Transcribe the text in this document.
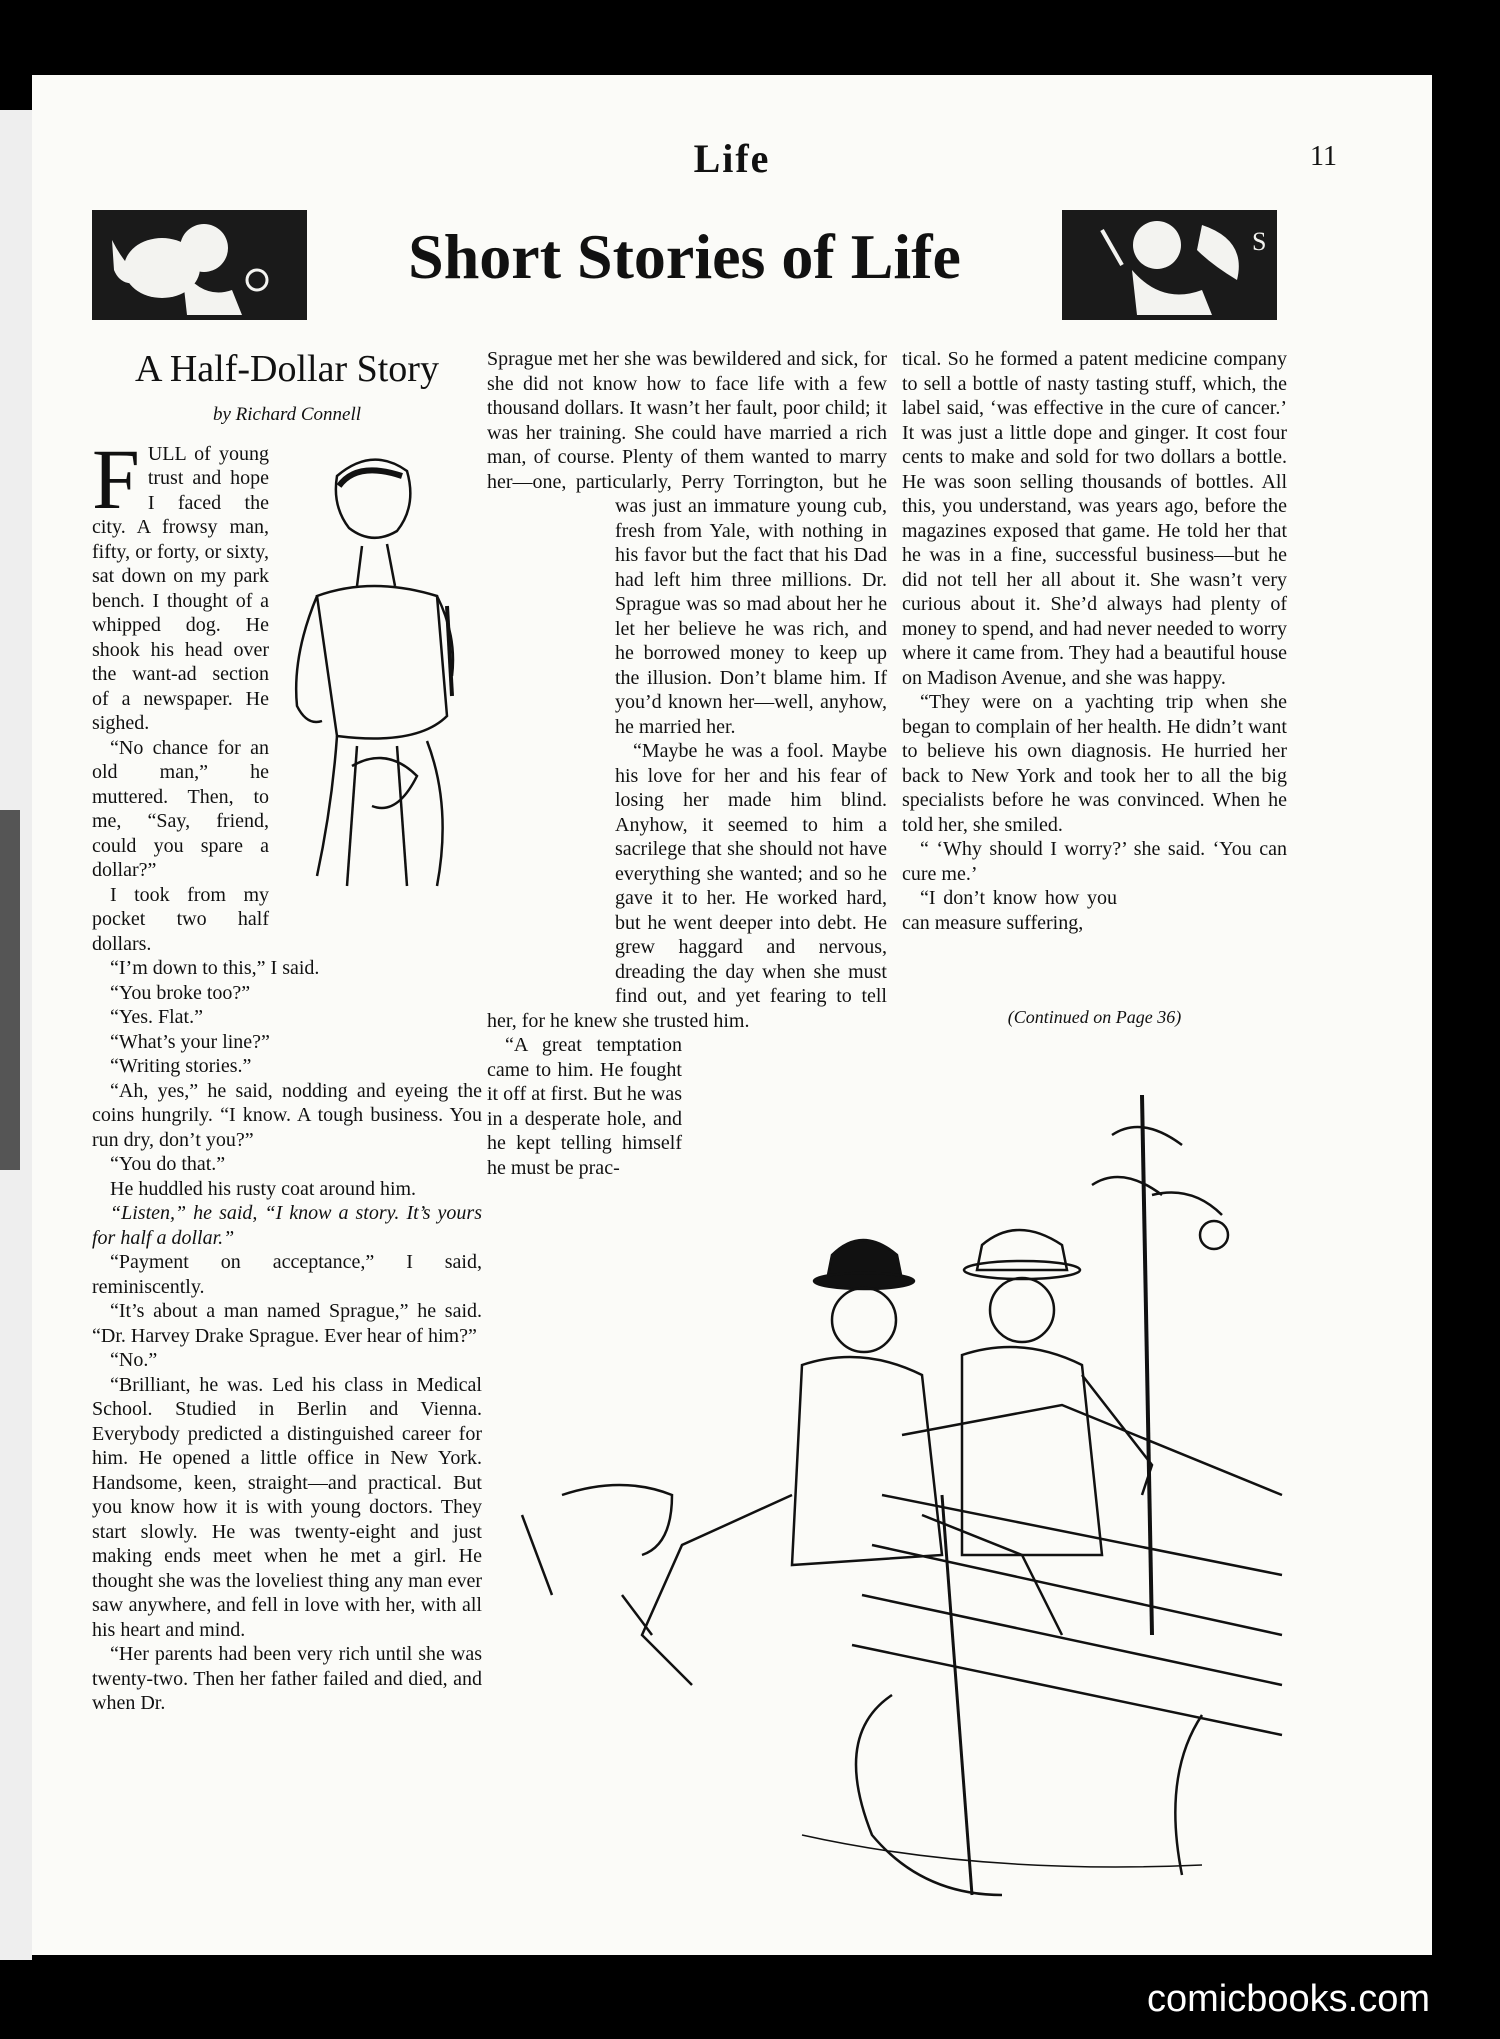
Life	11
Short Stories of Life	S
A Half-Dollar Story
by Richard Connell

FULL of young trust and hope I faced the city. A frowsy man, fifty, or forty, or sixty, sat down on my park bench. I thought of a whipped dog. He shook his head over the want-ad section of a newspaper. He sighed.

“No chance for an old man,” he muttered. Then, to me, “Say, friend, could you spare a dollar?”

I took from my pocket two half dollars.

“I’m down to this,” I said.

“You broke too?”

“Yes. Flat.”

“What’s your line?”

“Writing stories.”

“Ah, yes,” he said, nodding and eyeing the coins hungrily. “I know. A tough business. You run dry, don’t you?”

“You do that.”

He huddled his rusty coat around him.

“Listen,” he said, “I know a story. It’s yours for half a dollar.”

“Payment on acceptance,” I said, reminiscently.

“It’s about a man named Sprague,” he said. “Dr. Harvey Drake Sprague. Ever hear of him?”

“No.”

“Brilliant, he was. Led his class in Medical School. Studied in Berlin and Vienna. Everybody predicted a distinguished career for him. He opened a little office in New York. Handsome, keen, straight—and practical. But you know how it is with young doctors. They start slowly. He was twenty-eight and just making ends meet when he met a girl. He thought she was the loveliest thing any man ever saw anywhere, and fell in love with her, with all his heart and mind.

“Her parents had been very rich until she was twenty-two. Then her father failed and died, and when Dr.

Sprague met her she was bewildered and sick, for she did not know how to face life with a few thousand dollars. It wasn’t her fault, poor child; it was her training. She could have married a rich man, of course. Plenty of them wanted to marry her—one, particularly, Perry Torrington, but he was just an immature young cub, fresh from Yale, with nothing in his favor but the fact that his Dad had left him three millions. Dr. Sprague was so mad about her he let her believe he was rich, and he borrowed money to keep up the illusion. Don’t blame him. If you’d known her—well, anyhow, he married her.

“Maybe he was a fool. Maybe his love for her and his fear of losing her made him blind. Anyhow, it seemed to him a sacrilege that she should not have everything she wanted; and so he gave it to her. He worked hard, but he went deeper into debt. He grew haggard and nervous, dreading the day when she must find out, and yet fearing to tell her, for he knew she trusted him.

“A great temptation came to him. He fought it off at first. But he was in a desperate hole, and he kept telling himself he must be prac-

tical. So he formed a patent medicine company to sell a bottle of nasty tasting stuff, which, the label said, ‘was effective in the cure of cancer.’ It was just a little dope and ginger. It cost four cents to make and sold for two dollars a bottle. He was soon selling thousands of bottles. All this, you understand, was years ago, before the magazines exposed that game. He told her that he was in a fine, successful business—but he did not tell her all about it. She wasn’t very curious about it. She’d always had plenty of money to spend, and had never needed to worry where it came from. They had a beautiful house on Madison Avenue, and she was happy.

“They were on a yachting trip when she began to complain of her health. He didn’t want to believe his own diagnosis. He hurried her back to New York and took her to all the big specialists before he was convinced. When he told her, she smiled.

“ ‘Why should I worry?’ she said. ‘You can cure me.’

“I don’t know how you can measure suffering,

(Continued on Page 36)
comicbooks.com
